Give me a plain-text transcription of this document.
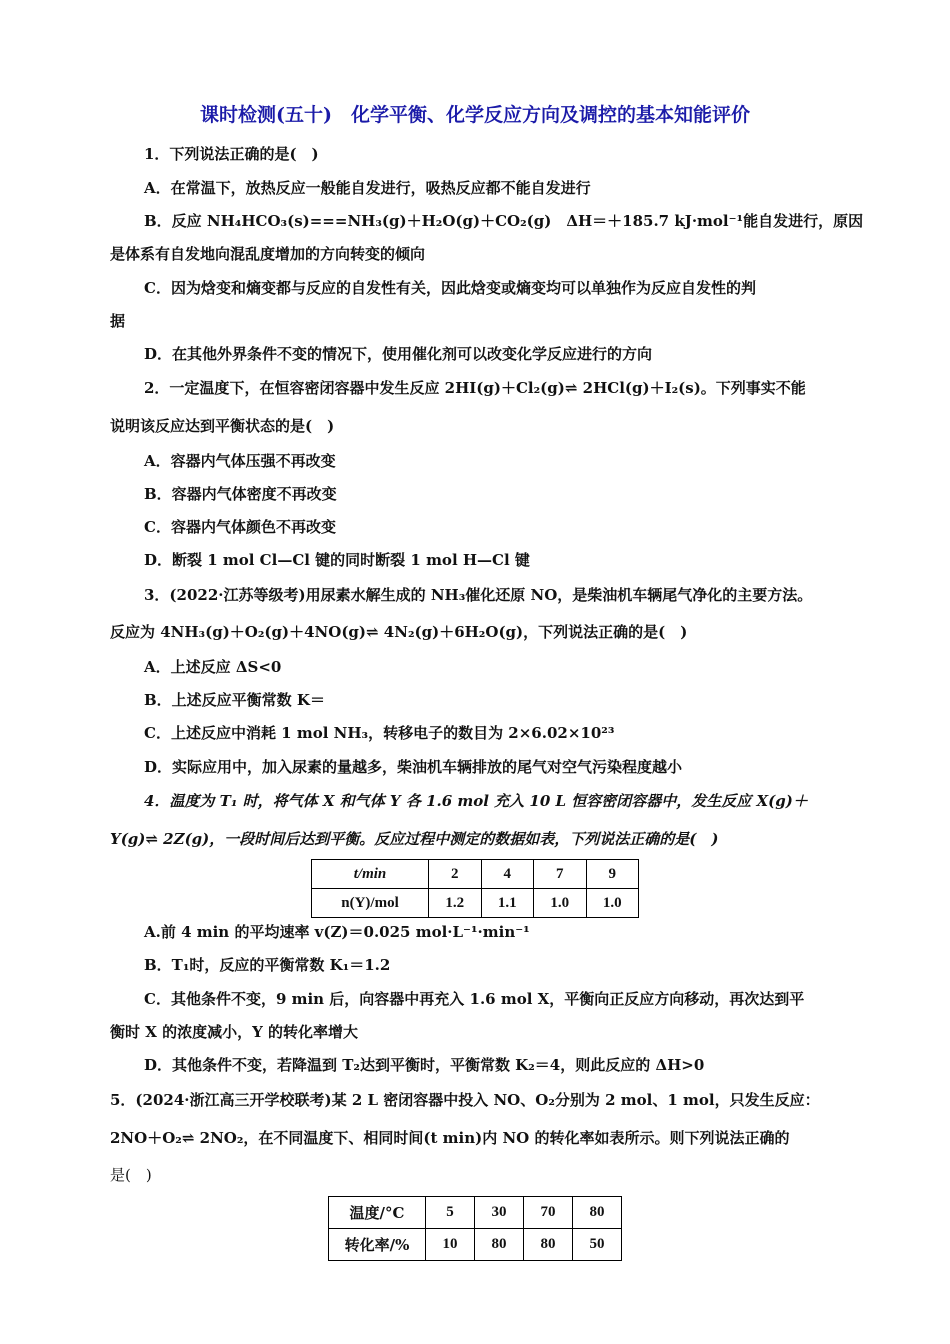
课时检测(五十)　化学平衡、化学反应方向及调控的基本知能评价
1．下列说法正确的是(　)
A．在常温下，放热反应一般能自发进行，吸热反应都不能自发进行
B．反应 NH₄HCO₃(s)===NH₃(g)＋H₂O(g)＋CO₂(g)　ΔH＝＋185.7 kJ·mol⁻¹能自发进行，原因
是体系有自发地向混乱度增加的方向转变的倾向
C．因为焓变和熵变都与反应的自发性有关，因此焓变或熵变均可以单独作为反应自发性的判
据
D．在其他外界条件不变的情况下，使用催化剂可以改变化学反应进行的方向
2．一定温度下，在恒容密闭容器中发生反应 2HI(g)＋Cl₂(g)⇌ 2HCl(g)＋I₂(s)。下列事实不能
说明该反应达到平衡状态的是(　)
A．容器内气体压强不再改变
B．容器内气体密度不再改变
C．容器内气体颜色不再改变
D．断裂 1 mol Cl—Cl 键的同时断裂 1 mol H—Cl 键
3．(2022·江苏等级考)用尿素水解生成的 NH₃催化还原 NO，是柴油机车辆尾气净化的主要方法。
反应为 4NH₃(g)＋O₂(g)＋4NO(g)⇌ 4N₂(g)＋6H₂O(g)，下列说法正确的是(　)
A．上述反应 ΔS<0
B．上述反应平衡常数 K＝
C．上述反应中消耗 1 mol NH₃，转移电子的数目为 2×6.02×10²³
D．实际应用中，加入尿素的量越多，柴油机车辆排放的尾气对空气污染程度越小
4．温度为 T₁ 时，将气体 X 和气体 Y 各 1.6 mol 充入 10 L 恒容密闭容器中，发生反应 X(g)＋
Y(g)⇌ 2Z(g)，一段时间后达到平衡。反应过程中测定的数据如表，下列说法正确的是(　)
t/min	2	4	7	9
n(Y)/mol	1.2	1.1	1.0	1.0
A.前 4 min 的平均速率 v(Z)＝0.025 mol·L⁻¹·min⁻¹
B．T₁时，反应的平衡常数 K₁＝1.2
C．其他条件不变，9 min 后，向容器中再充入 1.6 mol X，平衡向正反应方向移动，再次达到平
衡时 X 的浓度减小，Y 的转化率增大
D．其他条件不变，若降温到 T₂达到平衡时，平衡常数 K₂＝4，则此反应的 ΔH>0
5．(2024·浙江高三开学校联考)某 2 L 密闭容器中投入 NO、O₂分别为 2 mol、1 mol，只发生反应：
2NO＋O₂⇌ 2NO₂，在不同温度下、相同时间(t min)内 NO 的转化率如表所示。则下列说法正确的
是(　)
温度/°C	5	30	70	80
转化率/%	10	80	80	50
